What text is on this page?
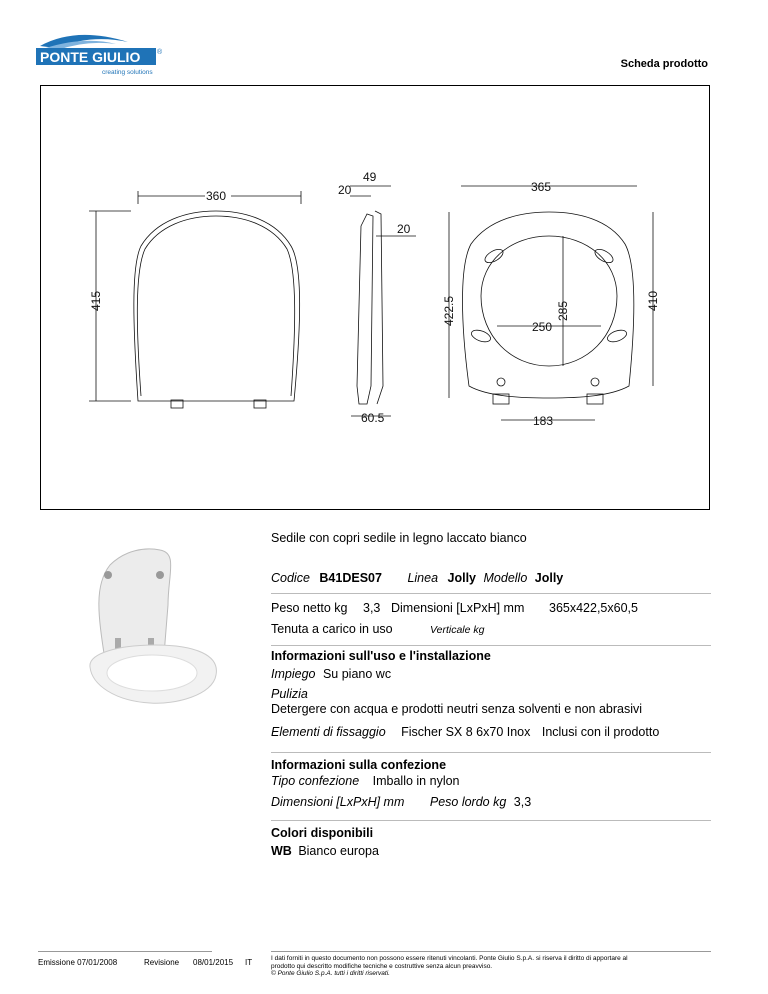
PONTE GIULIO ®
creating solutions
Scheda prodotto
360
415
49
20
20
60.5
365
422.5	410
285
250
183
Sedile con copri sedile in legno laccato bianco
Codice B41DES07 Linea Jolly Modello Jolly
Peso netto kg 3,3 Dimensioni [LxPxH] mm 365x422,5x60,5
Tenuta a carico in uso	Verticale kg
Informazioni sull'uso e l'installazione
Impiego Su piano wc
Pulizia
Detergere con acqua e prodotti neutri senza solventi e non abrasivi
Elementi di fissaggio Fischer SX 8 6x70 Inox Inclusi con il prodotto
Informazioni sulla confezione
Tipo confezione Imballo in nylon
Dimensioni [LxPxH] mm Peso lordo kg 3,3
Colori disponibili
WB Bianco europa
Emissione 07/01/2008	Revisione 08/01/2015 IT	I dati forniti in questo documento non possono essere ritenuti vincolanti. Ponte Giulio S.p.A. si riserva il diritto di apportare al
prodotto qui descritto modifiche tecniche e costruttive senza alcun preavviso.
© Ponte Giulio S.p.A. tutti i diritti riservati.
